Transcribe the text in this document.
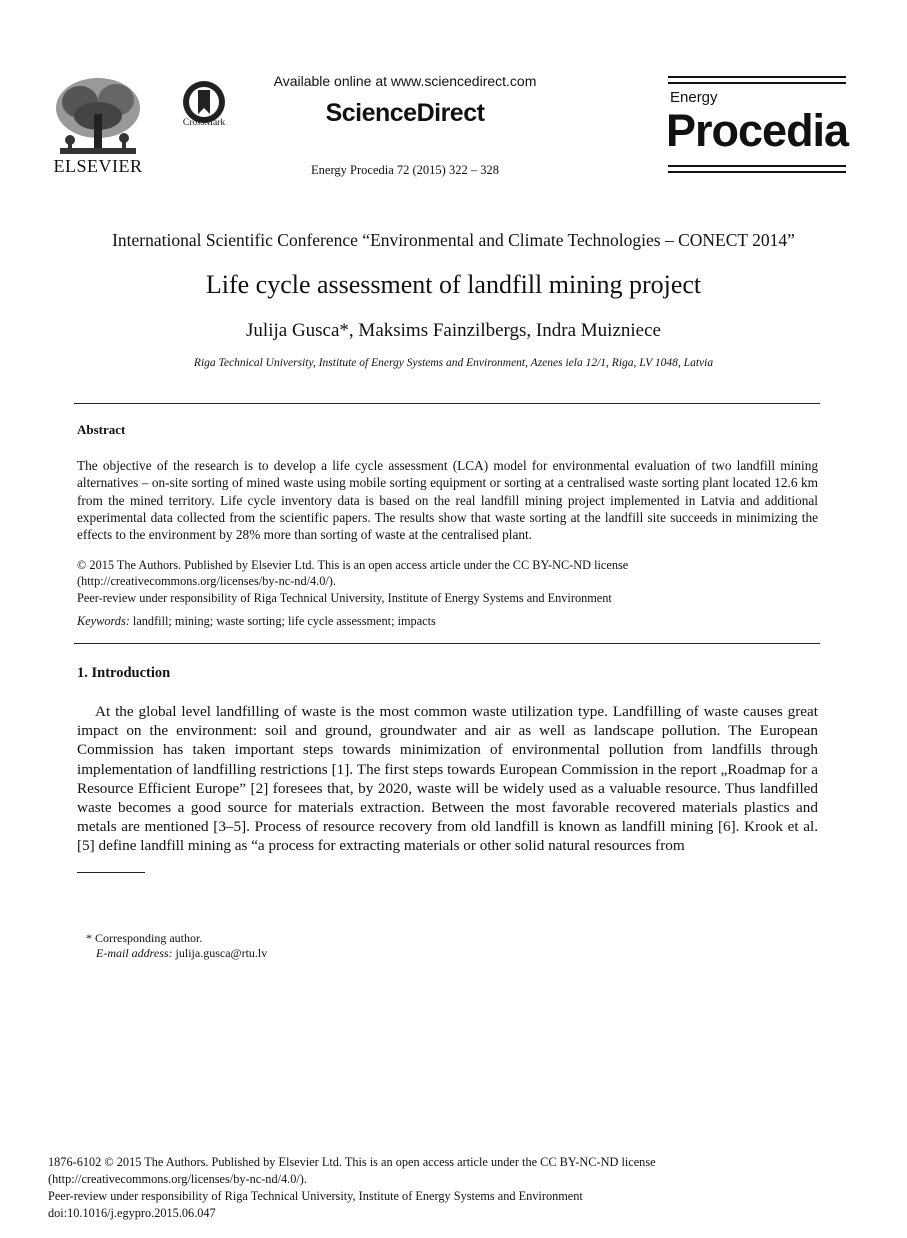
ELSEVIER
CrossMark
Available online at www.sciencedirect.com
ScienceDirect
Energy Procedia 72 (2015) 322 – 328
Energy
Procedia
International Scientific Conference “Environmental and Climate Technologies – CONECT 2014”
Life cycle assessment of landfill mining project
Julija Gusca*, Maksims Fainzilbergs, Indra Muizniece
Riga Technical University, Institute of Energy Systems and Environment, Azenes iela 12/1, Riga, LV 1048, Latvia
Abstract
The objective of the research is to develop a life cycle assessment (LCA) model for environmental evaluation of two landfill mining alternatives – on-site sorting of mined waste using mobile sorting equipment or sorting at a centralised waste sorting plant located 12.6 km from the mined territory. Life cycle inventory data is based on the real landfill mining project implemented in Latvia and additional experimental data collected from the scientific papers. The results show that waste sorting at the landfill site succeeds in minimizing the effects to the environment by 28% more than sorting of waste at the centralised plant.
© 2015 The Authors. Published by Elsevier Ltd. This is an open access article under the CC BY-NC-ND license
(http://creativecommons.org/licenses/by-nc-nd/4.0/).
Peer-review under responsibility of Riga Technical University, Institute of Energy Systems and Environment
Keywords: landfill; mining; waste sorting; life cycle assessment; impacts
1. Introduction
At the global level landfilling of waste is the most common waste utilization type. Landfilling of waste causes great impact on the environment: soil and ground, groundwater and air as well as landscape pollution. The European Commission has taken important steps towards minimization of environmental pollution from landfills through implementation of landfilling restrictions [1]. The first steps towards European Commission in the report „Roadmap for a Resource Efficient Europe” [2] foresees that, by 2020, waste will be widely used as a valuable resource. Thus landfilled waste becomes a good source for materials extraction. Between the most favorable recovered materials plastics and metals are mentioned [3–5]. Process of resource recovery from old landfill is known as landfill mining [6]. Krook et al. [5] define landfill mining as “a process for extracting materials or other solid natural resources from
* Corresponding author.
E-mail address: julija.gusca@rtu.lv
1876-6102 © 2015 The Authors. Published by Elsevier Ltd. This is an open access article under the CC BY-NC-ND license
(http://creativecommons.org/licenses/by-nc-nd/4.0/).
Peer-review under responsibility of Riga Technical University, Institute of Energy Systems and Environment
doi:10.1016/j.egypro.2015.06.047
